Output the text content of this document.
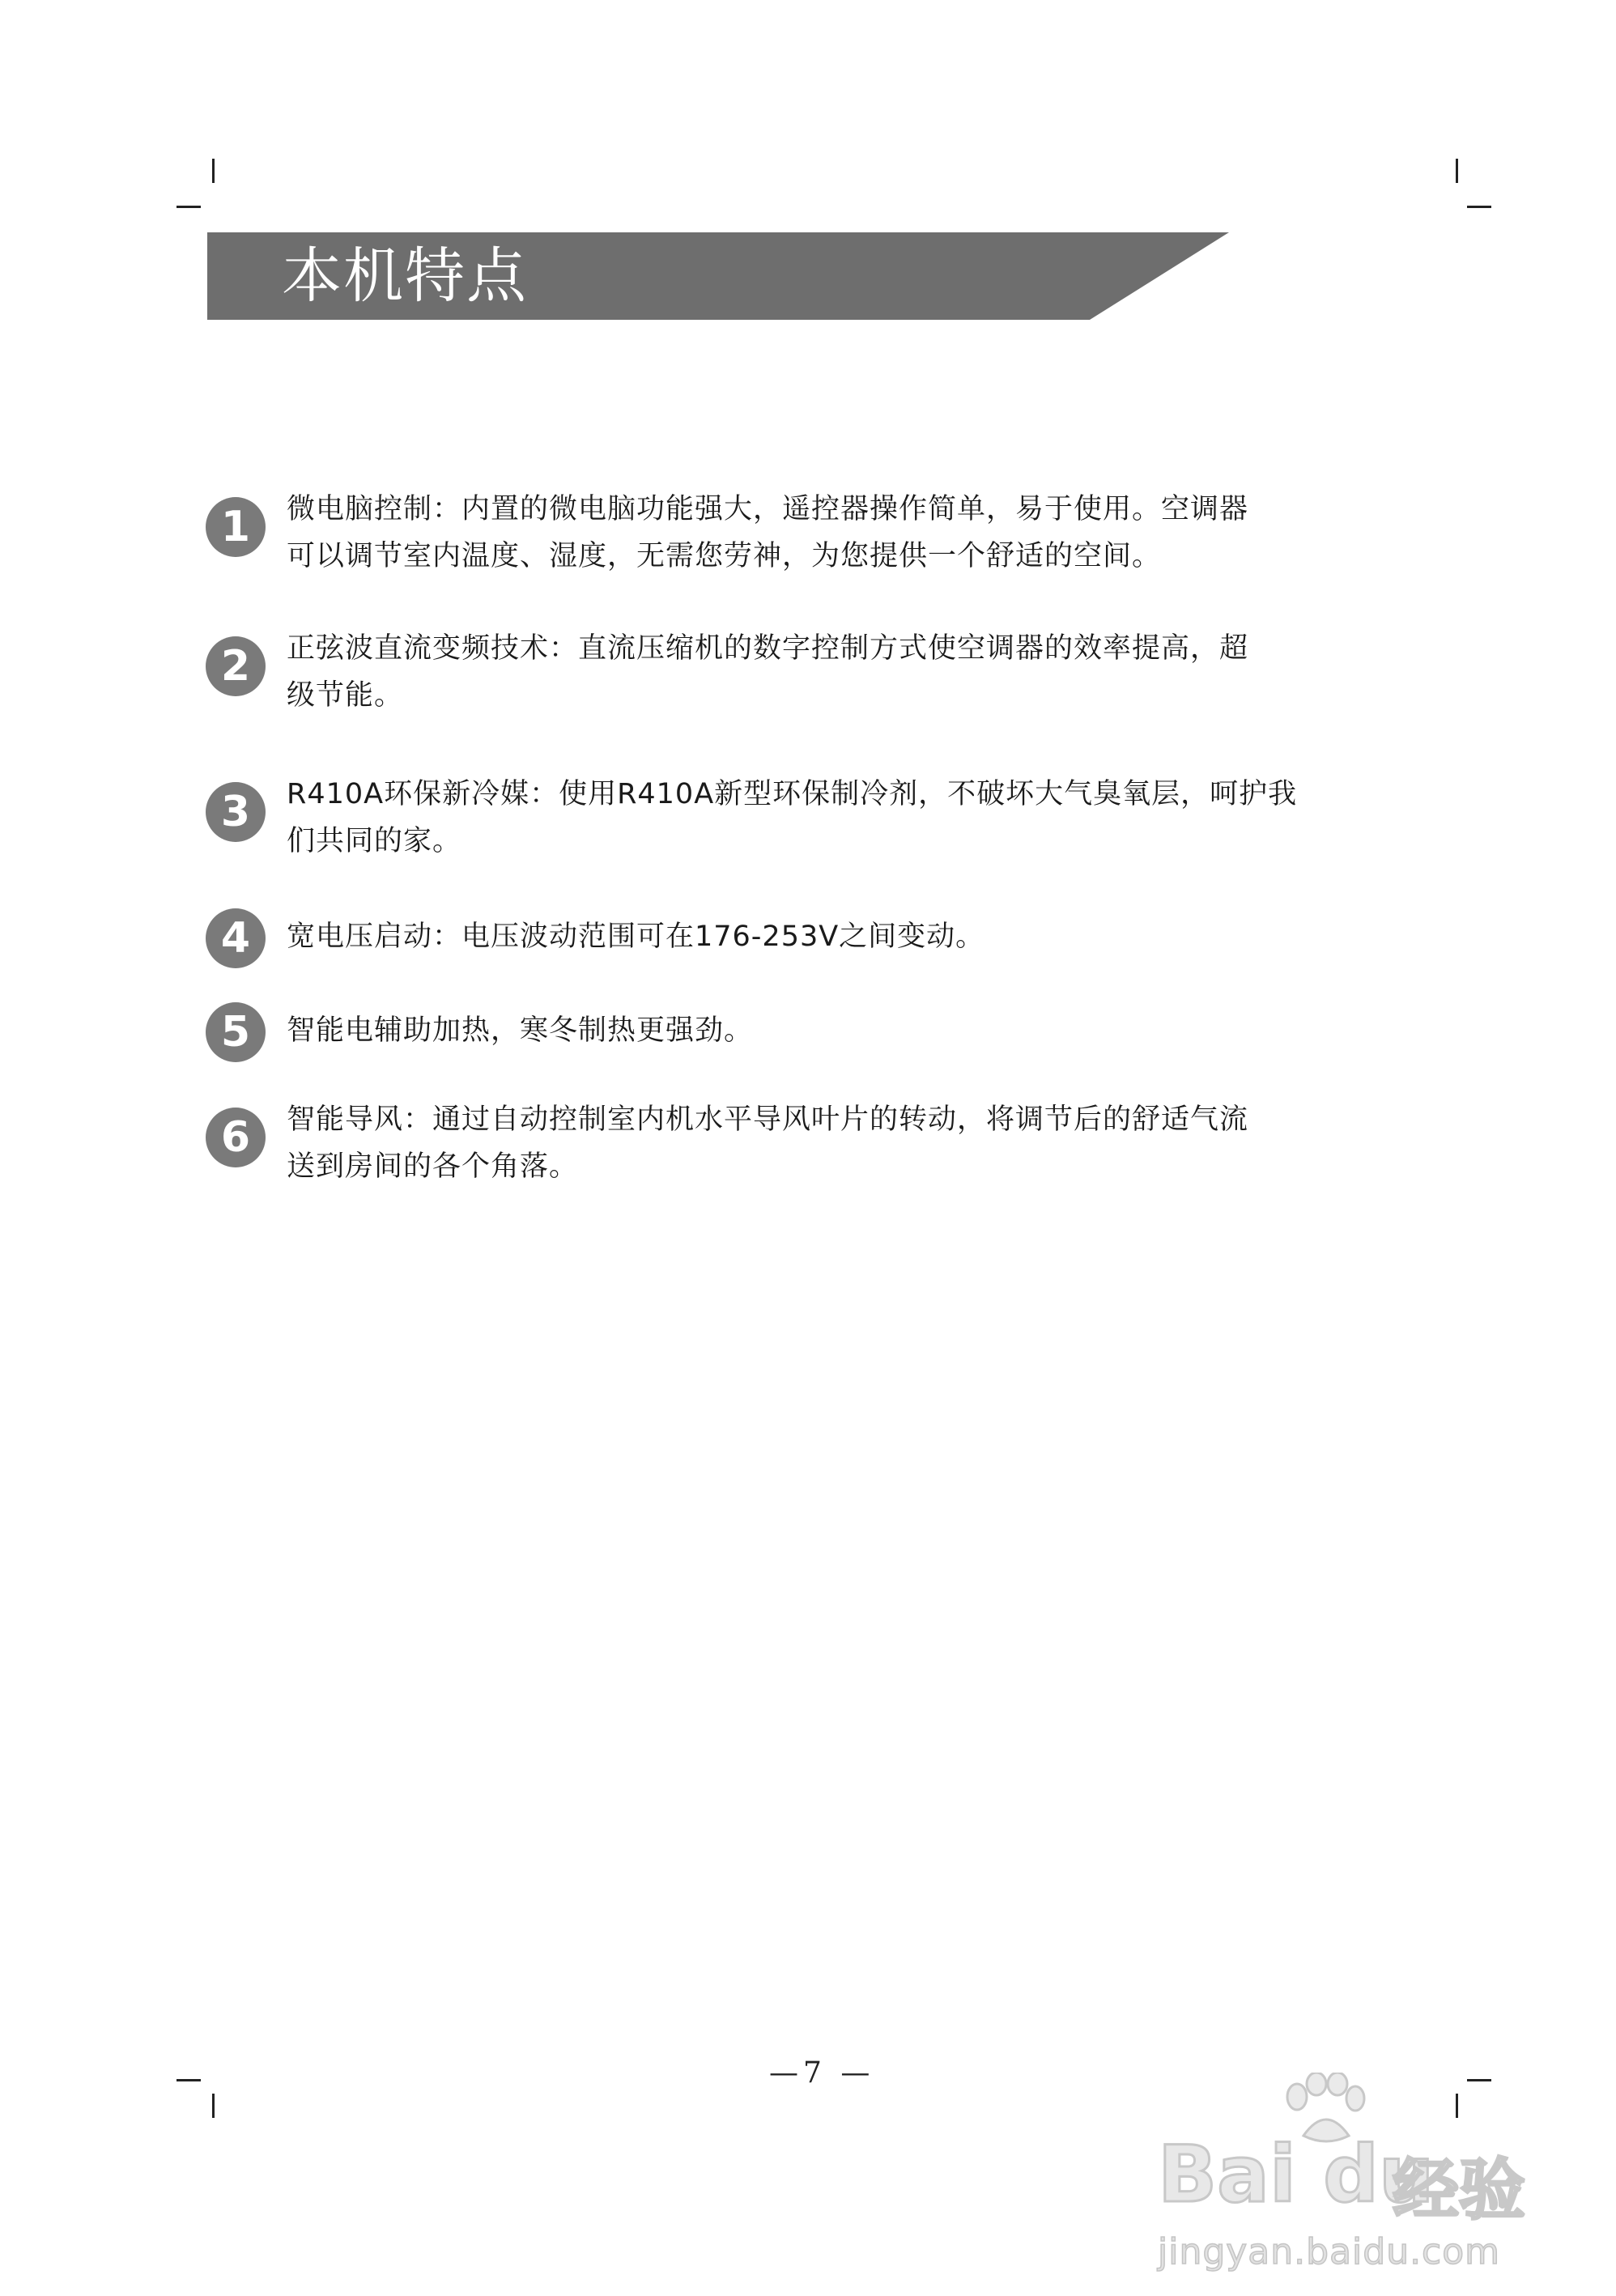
本机特点
1	微电脑控制：内置的微电脑功能强大，遥控器操作简单，易于使用。空调器
可以调节室内温度、湿度，无需您劳神，为您提供一个舒适的空间。
2	正弦波直流变频技术：直流压缩机的数字控制方式使空调器的效率提高，超
级节能。
3	R410A环保新冷媒：使用R410A新型环保制冷剂，不破坏大气臭氧层，呵护我
们共同的家。
4	宽电压启动：电压波动范围可在176-253V之间变动。
5	智能电辅助加热，寒冬制热更强劲。
6	智能导风：通过自动控制室内机水平导风叶片的转动，将调节后的舒适气流
送到房间的各个角落。
—7 —
Bai du
经验
jingyan.baidu.com
